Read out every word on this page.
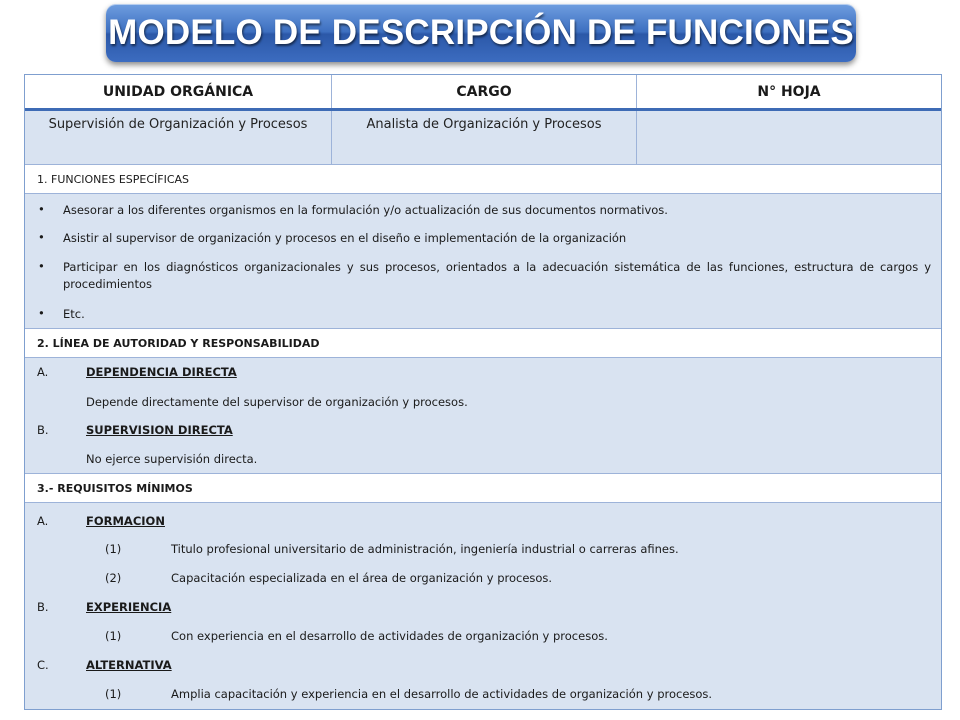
MODELO DE DESCRIPCIÓN DE FUNCIONES
UNIDAD ORGÁNICA	CARGO	N° HOJA
Supervisión de Organización y Procesos	Analista de Organización y Procesos
1. FUNCIONES ESPECÍFICAS
•	Asesorar a los diferentes organismos en la formulación y/o actualización de sus documentos normativos.
•	Asistir al supervisor de organización y procesos en el diseño e implementación de la organización
•	Participar en los diagnósticos organizacionales y sus procesos, orientados a la adecuación sistemática de las funciones, estructura de cargos y procedimientos
•	Etc.
2. LÍNEA DE AUTORIDAD Y RESPONSABILIDAD
A.	DEPENDENCIA DIRECTA
Depende directamente del supervisor de organización y procesos.
B.	SUPERVISION DIRECTA
No ejerce supervisión directa.
3.- REQUISITOS MÍNIMOS
A.	FORMACION
(1)	Titulo profesional universitario de administración, ingeniería industrial o carreras afines.
(2)	Capacitación especializada en el área de organización y procesos.
B.	EXPERIENCIA
(1)	Con experiencia en el desarrollo de actividades de organización y procesos.
C.	ALTERNATIVA
(1)	Amplia capacitación y experiencia en el desarrollo de actividades de organización y procesos.
